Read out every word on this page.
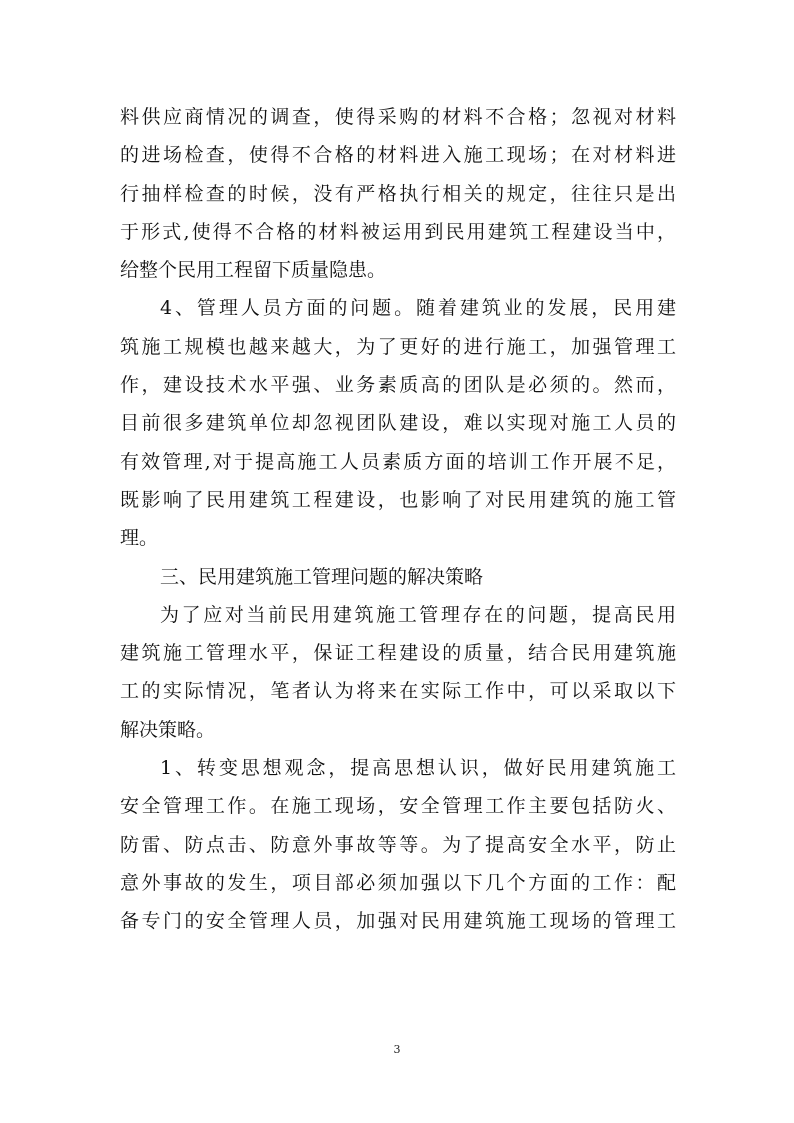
料供应商情况的调查，使得采购的材料不合格；忽视对材料
的进场检查，使得不合格的材料进入施工现场；在对材料进
行抽样检查的时候，没有严格执行相关的规定，往往只是出
于形式,使得不合格的材料被运用到民用建筑工程建设当中，
给整个民用工程留下质量隐患。
4、管理人员方面的问题。随着建筑业的发展，民用建
筑施工规模也越来越大，为了更好的进行施工，加强管理工
作，建设技术水平强、业务素质高的团队是必须的。然而，
目前很多建筑单位却忽视团队建设，难以实现对施工人员的
有效管理,对于提高施工人员素质方面的培训工作开展不足，
既影响了民用建筑工程建设，也影响了对民用建筑的施工管
理。
三、民用建筑施工管理问题的解决策略
为了应对当前民用建筑施工管理存在的问题，提高民用
建筑施工管理水平，保证工程建设的质量，结合民用建筑施
工的实际情况，笔者认为将来在实际工作中，可以采取以下
解决策略。
1、转变思想观念，提高思想认识，做好民用建筑施工
安全管理工作。在施工现场，安全管理工作主要包括防火、
防雷、防点击、防意外事故等等。为了提高安全水平，防止
意外事故的发生，项目部必须加强以下几个方面的工作：配
备专门的安全管理人员，加强对民用建筑施工现场的管理工
3
